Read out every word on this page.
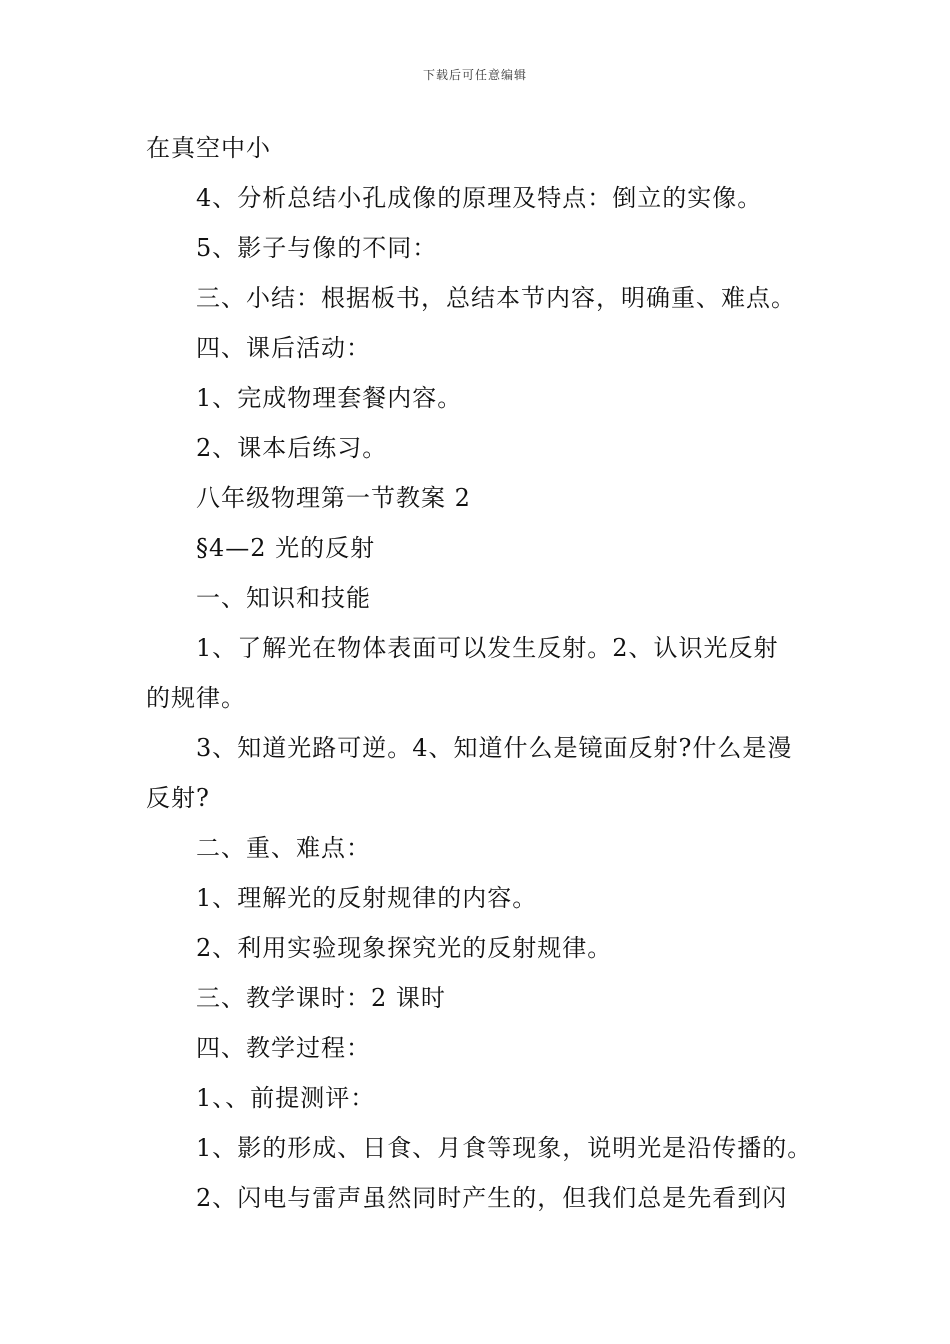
下载后可任意编辑
在真空中小
4、分析总结小孔成像的原理及特点：倒立的实像。
5、影子与像的不同：
三、小结：根据板书，总结本节内容，明确重、难点。
四、课后活动：
1、完成物理套餐内容。
2、课本后练习。
八年级物理第一节教案 2
§4—2 光的反射
一、知识和技能
1、了解光在物体表面可以发生反射。2、认识光反射
的规律。
3、知道光路可逆。4、知道什么是镜面反射?什么是漫
反射?
二、重、难点：
1、理解光的反射规律的内容。
2、利用实验现象探究光的反射规律。
三、教学课时：2 课时
四、教学过程：
1、、前提测评：
1、影的形成、日食、月食等现象，说明光是沿传播的。
2、闪电与雷声虽然同时产生的，但我们总是先看到闪
